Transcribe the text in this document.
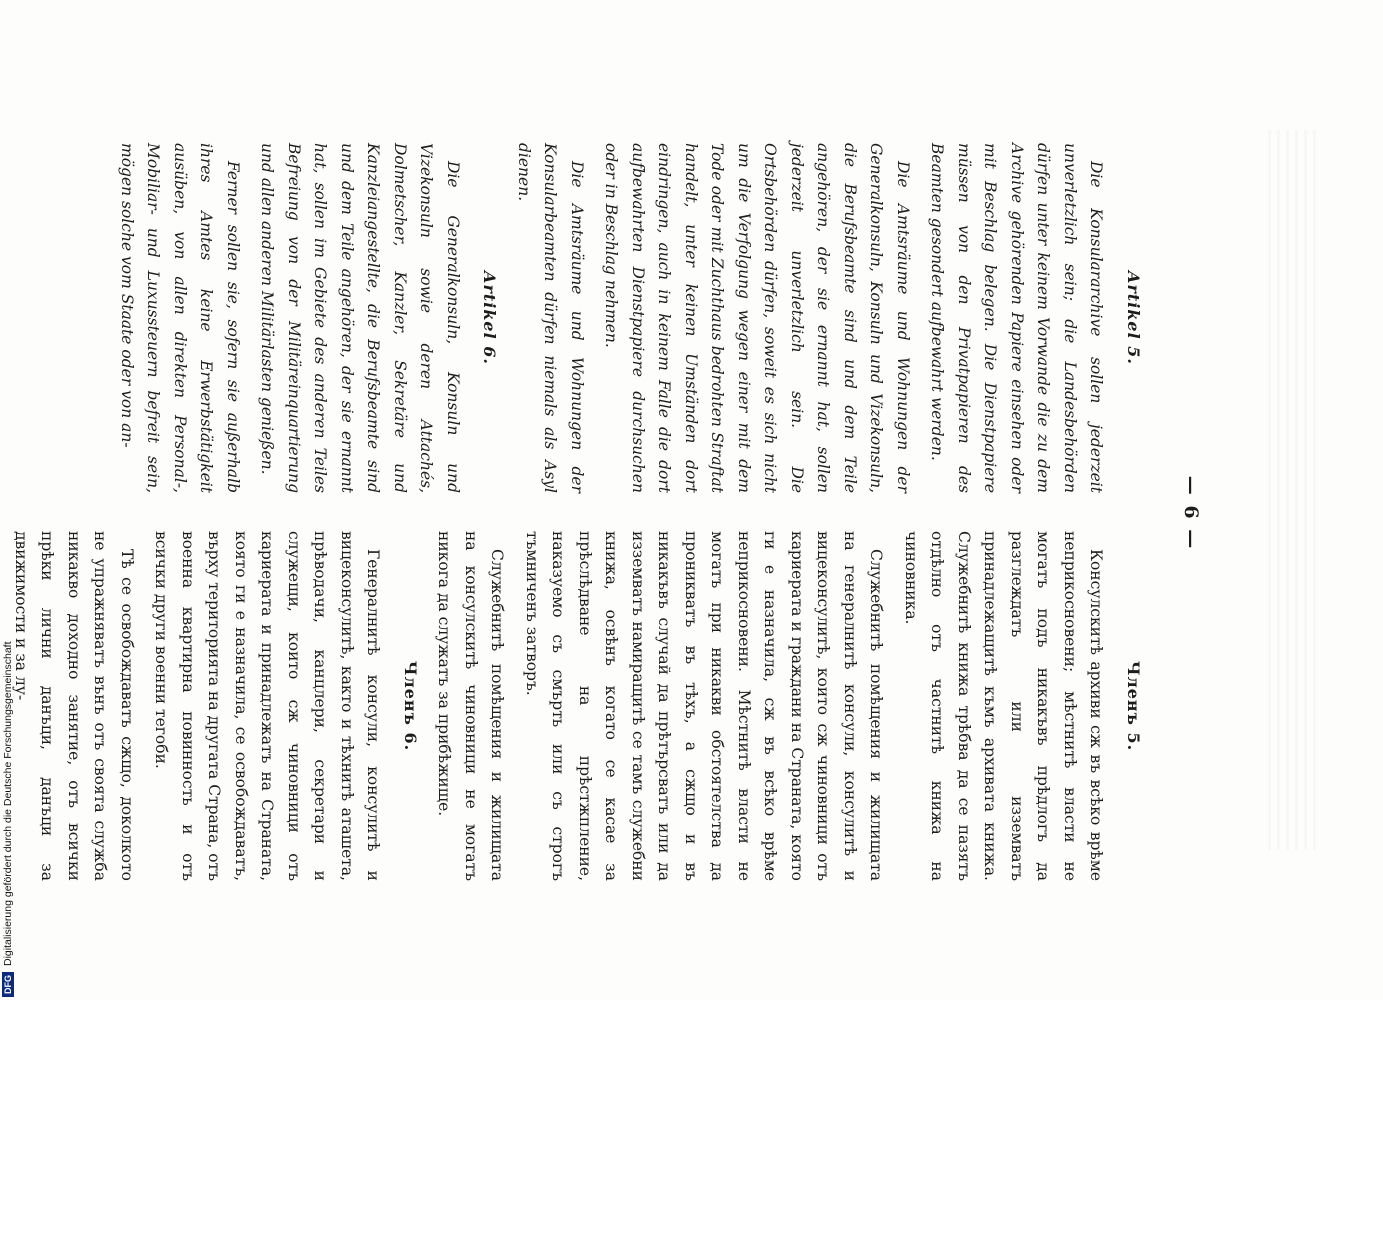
— 6 —
Членъ 5.

Консулскитѣ архиви сж въ всѣко врѣме неприкосновени; мѣстнитѣ власти не могатъ подъ никакъвъ прѣдлогъ да разглеждатъ или изземватъ принадлежащитѣ къмъ архивата книжа. Служебнитѣ книжа трѣбва да се пазятъ отдѣлно отъ частнитѣ книжа на чиновника.

Служебнитѣ помѣщения и жилищата на генералнитѣ консули, консулитѣ и вицеконсулитѣ, които сж чиновници отъ кариерата и граждани на Страната, която ги е назначила, сж въ всѣко врѣме неприкосновени. Мѣстнитѣ власти не могатъ при никакви обстоятелства да проникватъ въ тѣхъ, а сжщо и въ никакъвъ случай да прѣтърсватъ или да изземватъ намиращитѣ се тамъ служебни книжа, освѣнъ когато се касае за прѣслѣдване на прѣстжпление, наказуемо съ смърть или съ строгъ тъмниченъ затворъ.

Служебнитѣ помѣщения и жилищата на консулскитѣ чиновници не могатъ никога да служатъ за прибѣжище.

Членъ 6.

Генералнитѣ консули, консулитѣ и вицеконсулитѣ, както и тѣхнитѣ аташета, прѣводачи, канцлери, секретари и служещи, които сж чиновници отъ кариерата и принадлежатъ на Страната, която ги е назначила, се освобождаватъ, върху територията на другата Страна, отъ военна квартирна повинность и отъ всички други военни тегоби.

Тѣ се освобождаватъ сжщо, доколкото не упражняватъ вънъ отъ своята служба никакво доходно занятие, отъ всички прѣки лични данъци, данъци за движимости и за лу-

Artikel 5.

Die Konsulararchive sollen jederzeit unverletzlich sein; die Landesbehörden dürfen unter keinem Vorwande die zu dem Archive gehörenden Papiere einsehen oder mit Beschlag belegen. Die Dienstpapiere müssen von den Privatpapieren des Beamten gesondert aufbewahrt werden.

Die Amtsräume und Wohnungen der Generalkonsuln, Konsuln und Vizekonsuln, die Berufsbeamte sind und dem Teile angehören, der sie ernannt hat, sollen jederzeit unverletzlich sein. Die Ortsbehörden dürfen, soweit es sich nicht um die Verfolgung wegen einer mit dem Tode oder mit Zuchthaus bedrohten Straftat handelt, unter keinen Umständen dort eindringen, auch in keinem Falle die dort aufbewahrten Dienstpapiere durchsuchen oder in Beschlag nehmen.

Die Amtsräume und Wohnungen der Konsularbeamten dürfen niemals als Asyl dienen.

Artikel 6.

Die Generalkonsuln, Konsuln und Vizekonsuln sowie deren Attachés, Dolmetscher, Kanzler, Sekretäre und Kanzleiangestellte, die Berufsbeamte sind und dem Teile angehören, der sie ernannt hat, sollen im Gebiete des anderen Teiles Befreiung von der Militäreinquartierung und allen anderen Militärlasten genießen.

Ferner sollen sie, sofern sie außerhalb ihres Amtes keine Erwerbstätigkeit ausüben, von allen direkten Personal-, Mobiliar- und Luxussteuern befreit sein, mögen solche vom Staate oder von an-

DFGDigitalisierung gefördert durch die Deutsche Forschungsgemeinschaft
